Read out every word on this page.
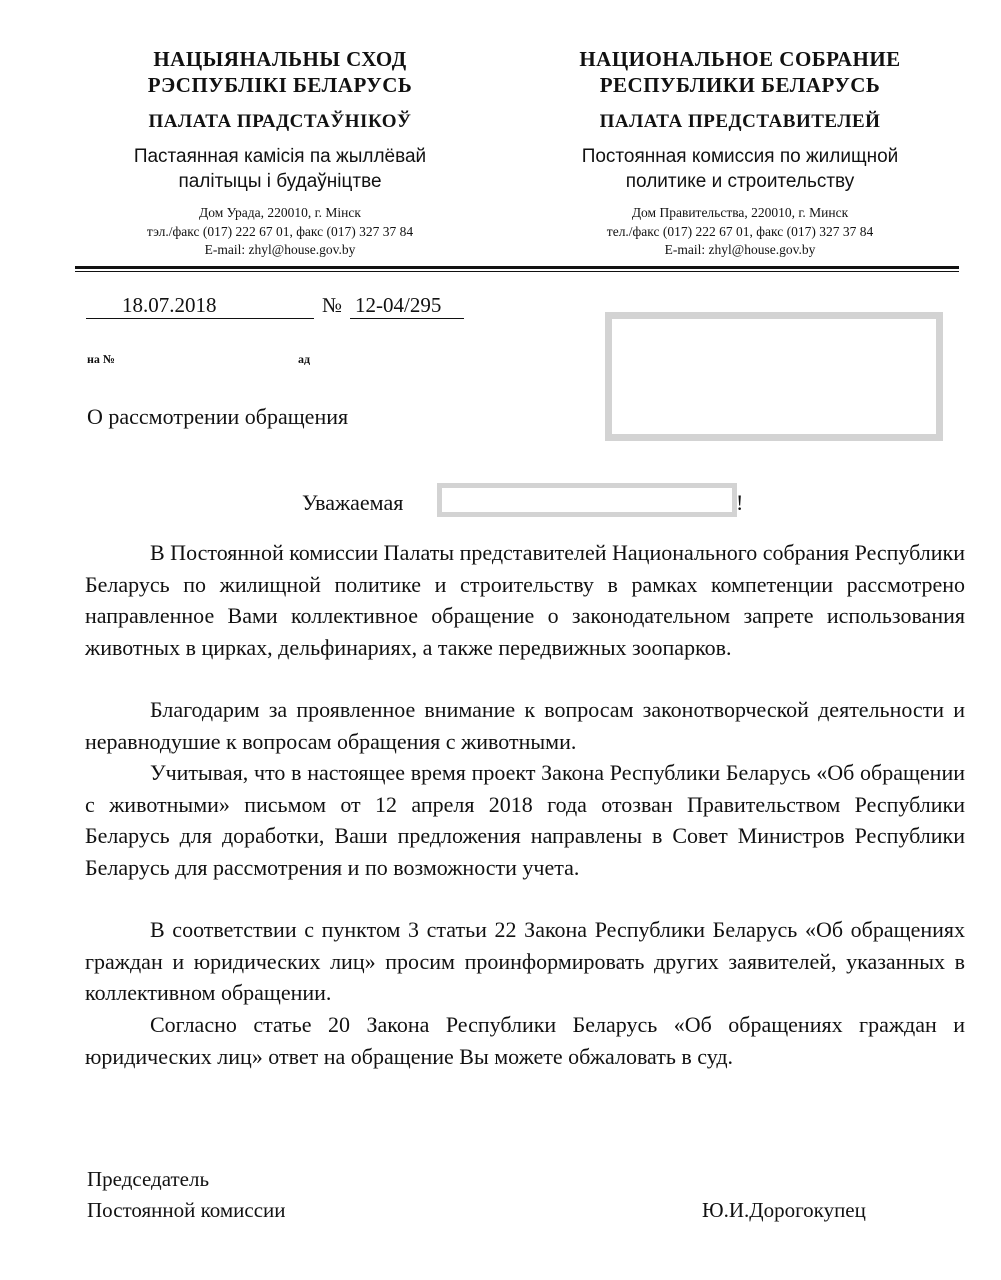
НАЦЫЯНАЛЬНЫ СХОД
РЭСПУБЛІКІ БЕЛАРУСЬ
ПАЛАТА ПРАДСТАЎНІКОЎ
Пастаянная камісія па жыллёвай
палітыцы і будаўніцтве
Дом Урада, 220010, г. Мінск
тэл./факс (017) 222 67 01, факс (017) 327 37 84
E-mail: zhyl@house.gov.by
НАЦИОНАЛЬНОЕ СОБРАНИЕ
РЕСПУБЛИКИ БЕЛАРУСЬ
ПАЛАТА ПРЕДСТАВИТЕЛЕЙ
Постоянная комиссия по жилищной
политике и строительству
Дом Правительства, 220010, г. Минск
тел./факс (017) 222 67 01, факс (017) 327 37 84
E-mail: zhyl@house.gov.by
18.07.2018	№ 12-04/295
на №	ад
О рассмотрении обращения
Уважаемая	!

В Постоянной комиссии Палаты представителей Национального собрания Республики Беларусь по жилищной политике и строительству в рамках компетенции рассмотрено направленное Вами коллективное обращение о законодательном запрете использования животных в цирках, дельфинариях, а также передвижных зоопарков.

Благодарим за проявленное внимание к вопросам законотворческой деятельности и неравнодушие к вопросам обращения с животными.

Учитывая, что в настоящее время проект Закона Республики Беларусь «Об обращении с животными» письмом от 12 апреля 2018 года отозван Правительством Республики Беларусь для доработки, Ваши предложения направлены в Совет Министров Республики Беларусь для рассмотрения и по возможности учета.

В соответствии с пунктом 3 статьи 22 Закона Республики Беларусь «Об обращениях граждан и юридических лиц» просим проинформировать других заявителей, указанных в коллективном обращении.

Согласно статье 20 Закона Республики Беларусь «Об обращениях граждан и юридических лиц» ответ на обращение Вы можете обжаловать в суд.

Председатель
Постоянной комиссии	Ю.И.Дорогокупец
